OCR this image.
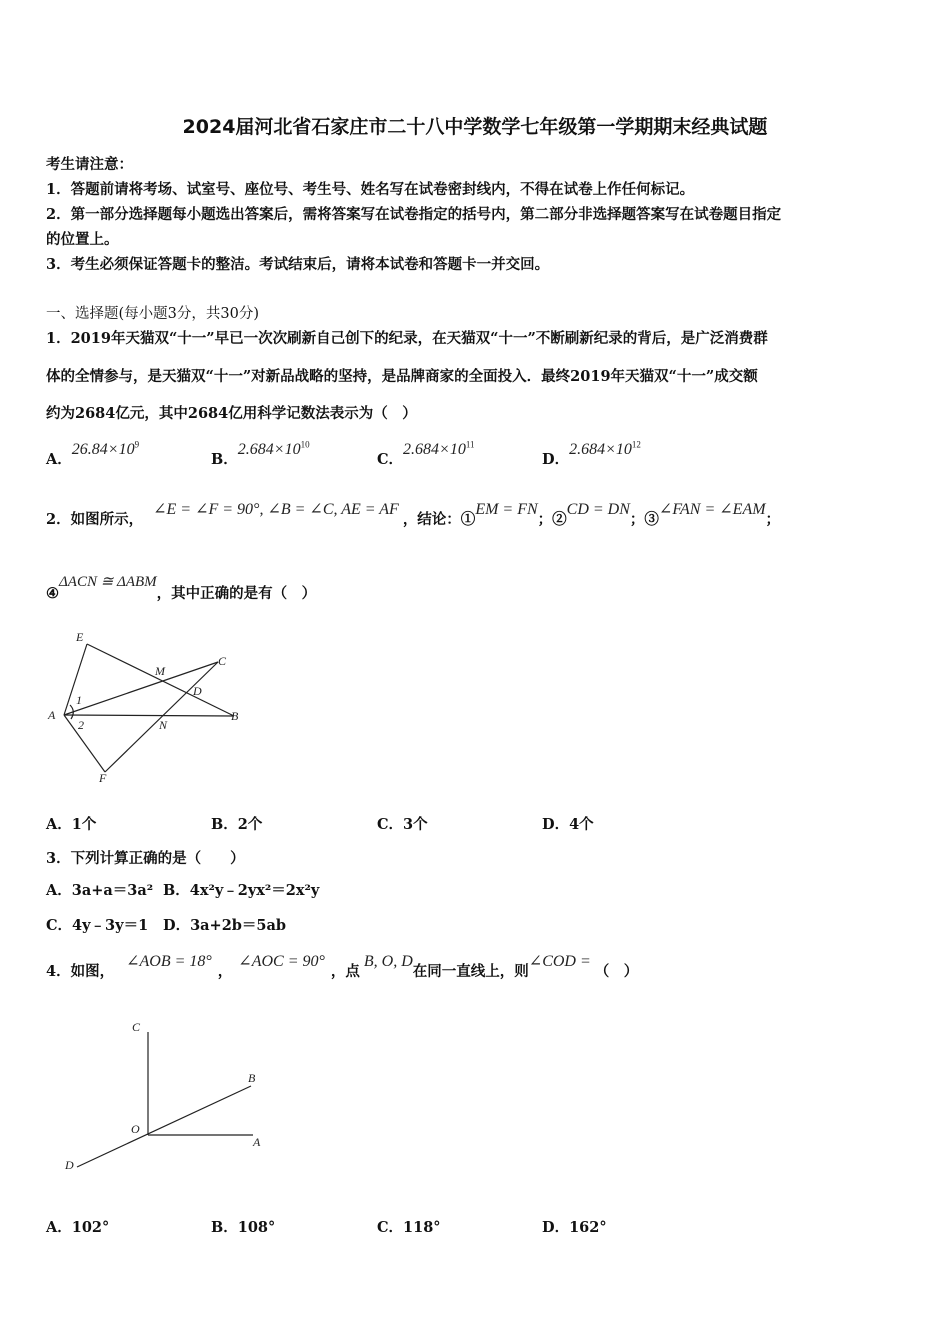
2024届河北省石家庄市二十八中学数学七年级第一学期期末经典试题
考生请注意：
1．答题前请将考场、试室号、座位号、考生号、姓名写在试卷密封线内，不得在试卷上作任何标记。
2．第一部分选择题每小题选出答案后，需将答案写在试卷指定的括号内，第二部分非选择题答案写在试卷题目指定
的位置上。
3．考生必须保证答题卡的整洁。考试结束后，请将本试卷和答题卡一并交回。
一、选择题(每小题3分，共30分)
1．2019年天猫双“十一”早已一次次刷新自己创下的纪录，在天猫双“十一”不断刷新纪录的背后，是广泛消费群
体的全情参与，是天猫双“十一”对新品战略的坚持，是品牌商家的全面投入．最终2019年天猫双“十一”成交额
约为2684亿元，其中2684亿用科学记数法表示为（　）
A．$26.84\times 10^9$
B．$2.684\times 10^{10}$
C．$2.684\times 10^{11}$
D．$2.684\times 10^{12}$
2．如图所示，∠E = ∠F = 90°, ∠B = ∠C, AE = AF，结论：①EM = FN；②CD = DN；③∠FAN = ∠EAM；
④ΔACN ≅ ΔABM，其中正确的是有（　）
E
M
C
D
A
1
2	N
B
F
A．1个	B．2个	C．3个	D．4个
3．下列计算正确的是（　　）
A．3a+a＝3a² B．4x²y﹣2yx²＝2x²y
C．4y﹣3y＝1 D．3a+2b＝5ab
4．如图，∠AOB = 18°，∠AOC = 90°，点B, O, D在同一直线上，则∠COD =（　）
C
B
O
A
D
A．102°	B．108°	C．118°	D．162°
